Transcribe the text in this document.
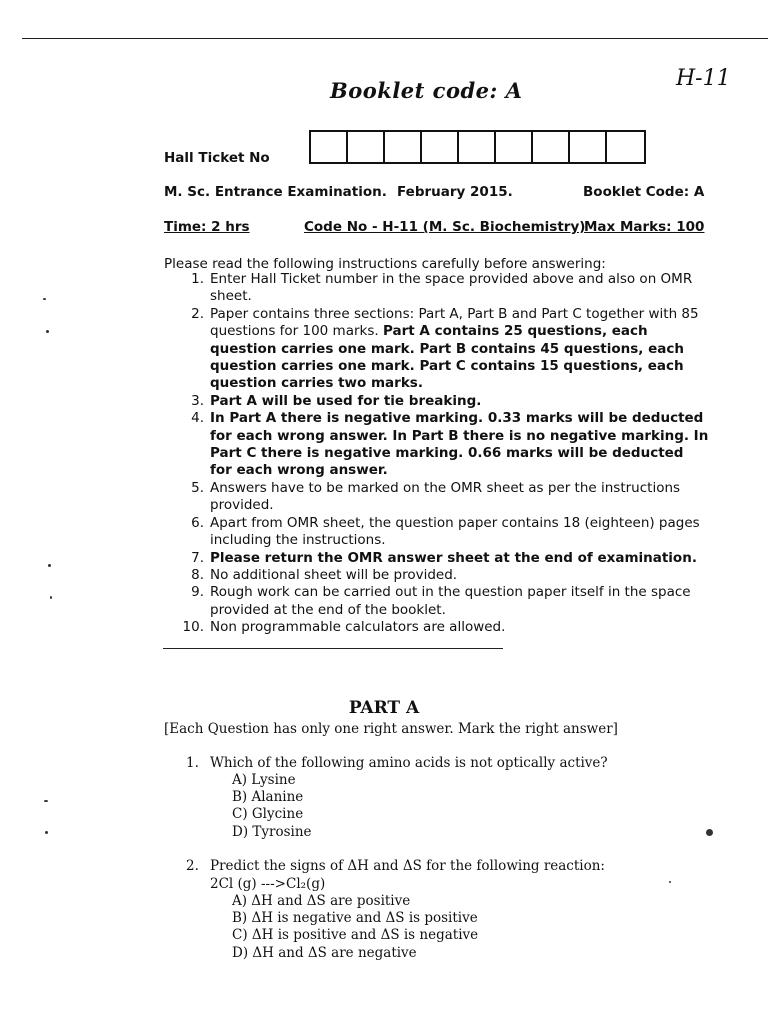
Booklet code: A	H-11
Hall Ticket No
M. Sc. Entrance Examination. February 2015.	Booklet Code: A
Time: 2 hrs	Code No - H-11 (M. Sc. Biochemistry)
Max Marks: 100
Please read the following instructions carefully before answering:
1. Enter Hall Ticket number in the space provided above and also on OMR sheet.
2. Paper contains three sections: Part A, Part B and Part C together with 85 questions for 100 marks. Part A contains 25 questions, each question carries one mark. Part B contains 45 questions, each question carries one mark. Part C contains 15 questions, each question carries two marks.
3. Part A will be used for tie breaking.
4. In Part A there is negative marking. 0.33 marks will be deducted for each wrong answer. In Part B there is no negative marking. In Part C there is negative marking. 0.66 marks will be deducted for each wrong answer.
5. Answers have to be marked on the OMR sheet as per the instructions provided.
6. Apart from OMR sheet, the question paper contains 18 (eighteen) pages including the instructions.
7. Please return the OMR answer sheet at the end of examination.
8. No additional sheet will be provided.
9. Rough work can be carried out in the question paper itself in the space provided at the end of the booklet.
10. Non programmable calculators are allowed.
PART A
[Each Question has only one right answer. Mark the right answer]
1. Which of the following amino acids is not optically active?
A) Lysine
B) Alanine
C) Glycine
D) Tyrosine
2. Predict the signs of ΔH and ΔS for the following reaction:
2Cl (g) --->Cl₂(g)
A) ΔH and ΔS are positive
B) ΔH is negative and ΔS is positive
C) ΔH is positive and ΔS is negative
D) ΔH and ΔS are negative
